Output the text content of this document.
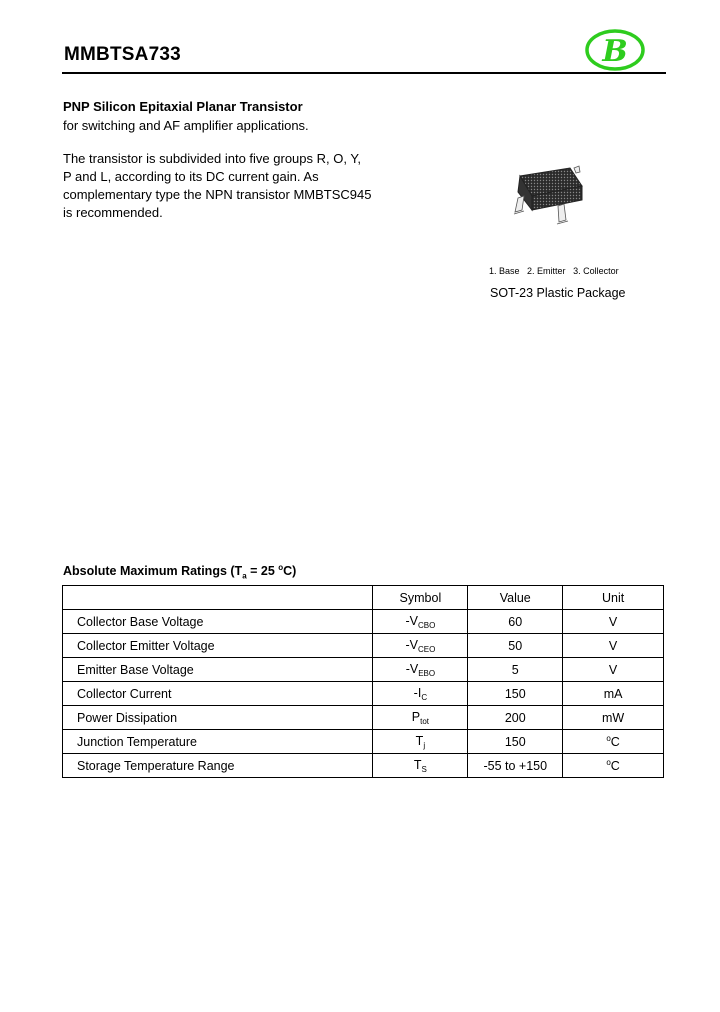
MMBTSA733	B
PNP Silicon Epitaxial Planar Transistor
for switching and AF amplifier applications.
The transistor is subdivided into five groups R, O, Y,
P and L, according to its DC current gain. As
complementary type the NPN transistor MMBTSC945
is recommended.
1. Base 2. Emitter 3. Collector
SOT-23 Plastic Package
Absolute Maximum Ratings ($T_a = 25$ $^o$C)
	Symbol	Value	Unit
Collector Base Voltage	$-V_{CBO}$	60	V
Collector Emitter Voltage	$-V_{CEO}$	50	V
Emitter Base Voltage	$-V_{EBO}$	5	V
Collector Current	$-I_C$	150	mA
Power Dissipation	$P_{tot}$	200	mW
Junction Temperature	$T_j$	150	$^o$C
Storage Temperature Range	$T_S$	-55 to +150	$^o$C
